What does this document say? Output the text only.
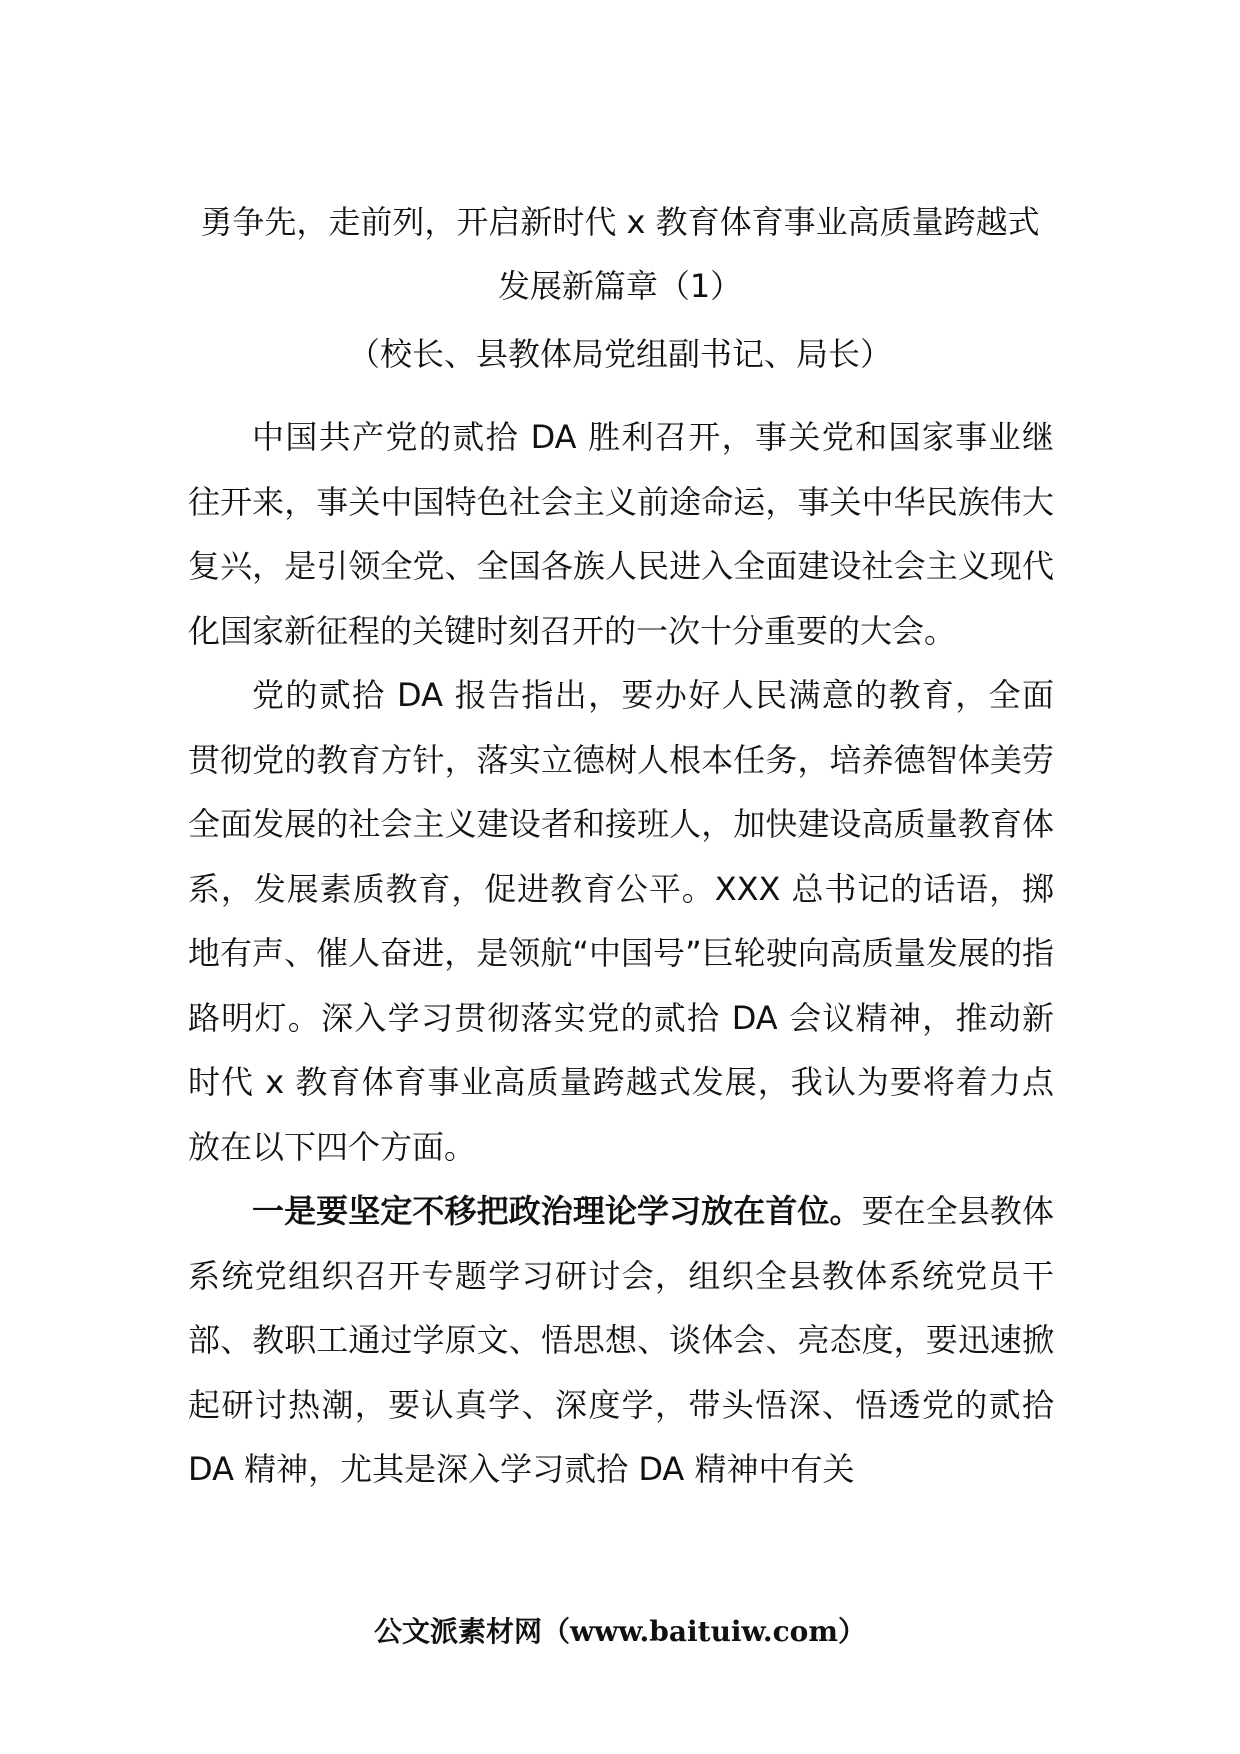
勇争先，走前列，开启新时代 x 教育体育事业高质量跨越式发展新篇章（1）
（校长、县教体局党组副书记、局长）

中国共产党的贰拾 DA 胜利召开，事关党和国家事业继往开来，事关中国特色社会主义前途命运，事关中华民族伟大复兴，是引领全党、全国各族人民进入全面建设社会主义现代化国家新征程的关键时刻召开的一次十分重要的大会。

党的贰拾 DA 报告指出，要办好人民满意的教育，全面贯彻党的教育方针，落实立德树人根本任务，培养德智体美劳全面发展的社会主义建设者和接班人，加快建设高质量教育体系，发展素质教育，促进教育公平。XXX 总书记的话语，掷地有声、催人奋进，是领航“中国号”巨轮驶向高质量发展的指路明灯。深入学习贯彻落实党的贰拾 DA 会议精神，推动新时代 x 教育体育事业高质量跨越式发展，我认为要将着力点放在以下四个方面。

一是要坚定不移把政治理论学习放在首位。要在全县教体系统党组织召开专题学习研讨会，组织全县教体系统党员干部、教职工通过学原文、悟思想、谈体会、亮态度，要迅速掀起研讨热潮，要认真学、深度学，带头悟深、悟透党的贰拾 DA 精神，尤其是深入学习贰拾 DA 精神中有关

公文派素材网（www.baituiw.com）
